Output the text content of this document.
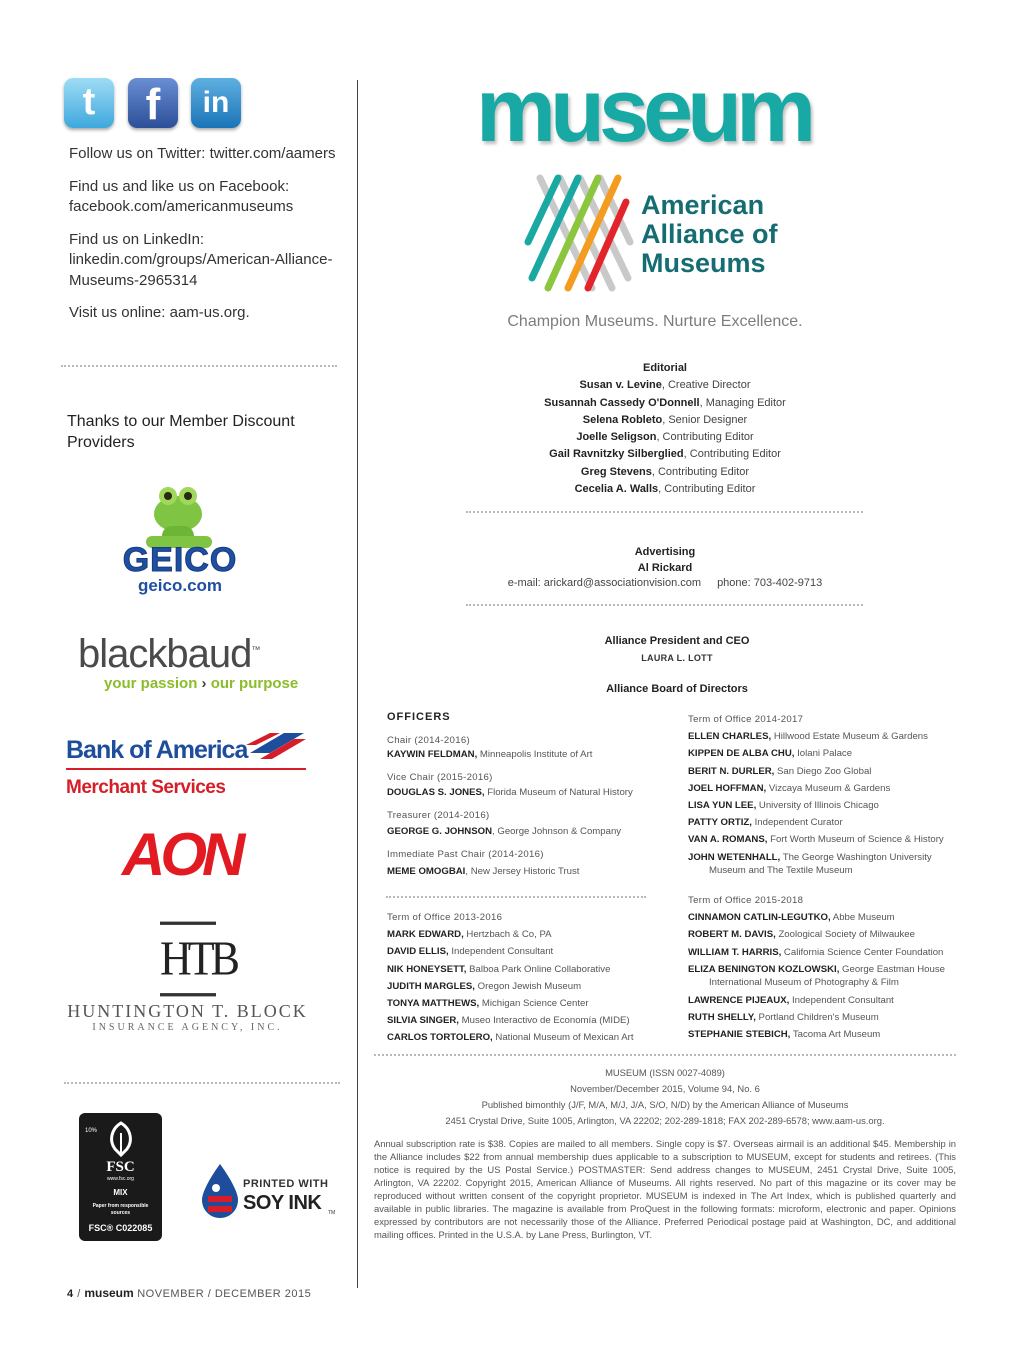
t	f	in

Follow us on Twitter: twitter.com/aamers

Find us and like us on Facebook: facebook.com/americanmuseums

Find us on LinkedIn: linkedin.com/groups/American-Alliance-Museums-2965314

Visit us online: aam-us.org.

Thanks to our Member Discount Providers
GEICO
geico.com
blackbaud™
your passion › our purpose
Bank of America
Merchant Services
AON
HTB
HUNTINGTON T. BLOCK
INSURANCE AGENCY, INC.
10%
FSC
www.fsc.org
MIX
Paper from responsible sources
FSC® C022085
PRINTED WITH
SOY INK TM
4 / museum NOVEMBER / DECEMBER 2015
museum
American
Alliance of
Museums
Champion Museums. Nurture Excellence.
Editorial
Susan v. Levine, Creative Director
Susannah Cassedy O'Donnell, Managing Editor
Selena Robleto, Senior Designer
Joelle Seligson, Contributing Editor
Gail Ravnitzky Silberglied, Contributing Editor
Greg Stevens, Contributing Editor
Cecelia A. Walls, Contributing Editor
Advertising
Al Rickard
e-mail: arickard@associationvision.com phone: 703-402-9713
Alliance President and CEO
LAURA L. LOTT
Alliance Board of Directors
OFFICERS
Chair (2014-2016)
KAYWIN FELDMAN, Minneapolis Institute of Art
Vice Chair (2015-2016)
DOUGLAS S. JONES, Florida Museum of Natural History
Treasurer (2014-2016)
GEORGE G. JOHNSON, George Johnson & Company
Immediate Past Chair (2014-2016)
MEME OMOGBAI, New Jersey Historic Trust
Term of Office 2013-2016
MARK EDWARD, Hertzbach & Co, PA
DAVID ELLIS, Independent Consultant
NIK HONEYSETT, Balboa Park Online Collaborative
JUDITH MARGLES, Oregon Jewish Museum
TONYA MATTHEWS, Michigan Science Center
SILVIA SINGER, Museo Interactivo de Economía (MIDE)
CARLOS TORTOLERO, National Museum of Mexican Art
Term of Office 2014-2017
ELLEN CHARLES, Hillwood Estate Museum & Gardens
KIPPEN DE ALBA CHU, Iolani Palace
BERIT N. DURLER, San Diego Zoo Global
JOEL HOFFMAN, Vizcaya Museum & Gardens
LISA YUN LEE, University of Illinois Chicago
PATTY ORTIZ, Independent Curator
VAN A. ROMANS, Fort Worth Museum of Science & History
JOHN WETENHALL, The George Washington University
Museum and The Textile Museum
Term of Office 2015-2018
CINNAMON CATLIN-LEGUTKO, Abbe Museum
ROBERT M. DAVIS, Zoological Society of Milwaukee
WILLIAM T. HARRIS, California Science Center Foundation
ELIZA BENINGTON KOZLOWSKI, George Eastman House
International Museum of Photography & Film
LAWRENCE PIJEAUX, Independent Consultant
RUTH SHELLY, Portland Children's Museum
STEPHANIE STEBICH, Tacoma Art Museum
MUSEUM (ISSN 0027-4089)
November/December 2015, Volume 94, No. 6
Published bimonthly (J/F, M/A, M/J, J/A, S/O, N/D) by the American Alliance of Museums
2451 Crystal Drive, Suite 1005, Arlington, VA 22202; 202-289-1818; FAX 202-289-6578; www.aam-us.org.
Annual subscription rate is $38. Copies are mailed to all members. Single copy is $7. Overseas airmail is an additional $45. Membership in the Alliance includes $22 from annual membership dues applicable to a subscription to MUSEUM, except for students and retirees. (This notice is required by the US Postal Service.) POSTMASTER: Send address changes to MUSEUM, 2451 Crystal Drive, Suite 1005, Arlington, VA 22202. Copyright 2015, American Alliance of Museums. All rights reserved. No part of this magazine or its cover may be reproduced without written consent of the copyright proprietor. MUSEUM is indexed in The Art Index, which is published quarterly and available in public libraries. The magazine is available from ProQuest in the following formats: microform, electronic and paper. Opinions expressed by contributors are not necessarily those of the Alliance. Preferred Periodical postage paid at Washington, DC, and additional mailing offices. Printed in the U.S.A. by Lane Press, Burlington, VT.
